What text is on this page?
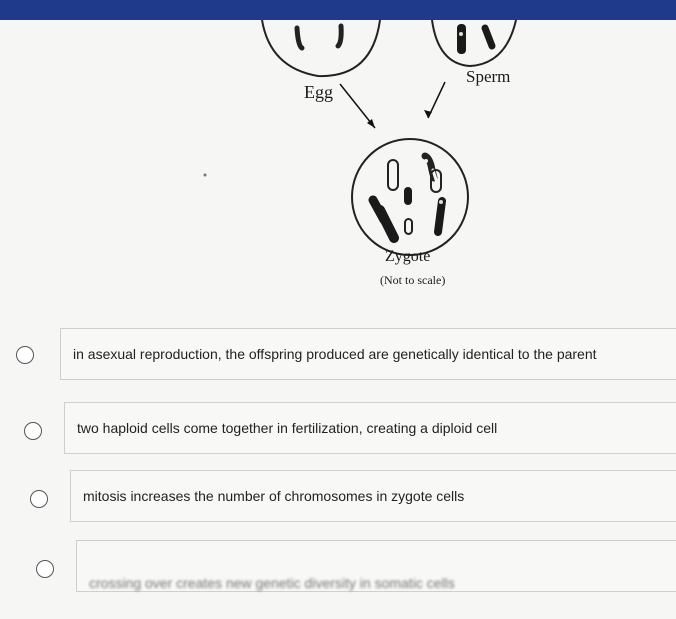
Egg
Sperm
Zygote
(Not to scale)
in asexual reproduction, the offspring produced are genetically identical to the parent
two haploid cells come together in fertilization, creating a diploid cell
mitosis increases the number of chromosomes in zygote cells
crossing over creates new genetic diversity in somatic cells
